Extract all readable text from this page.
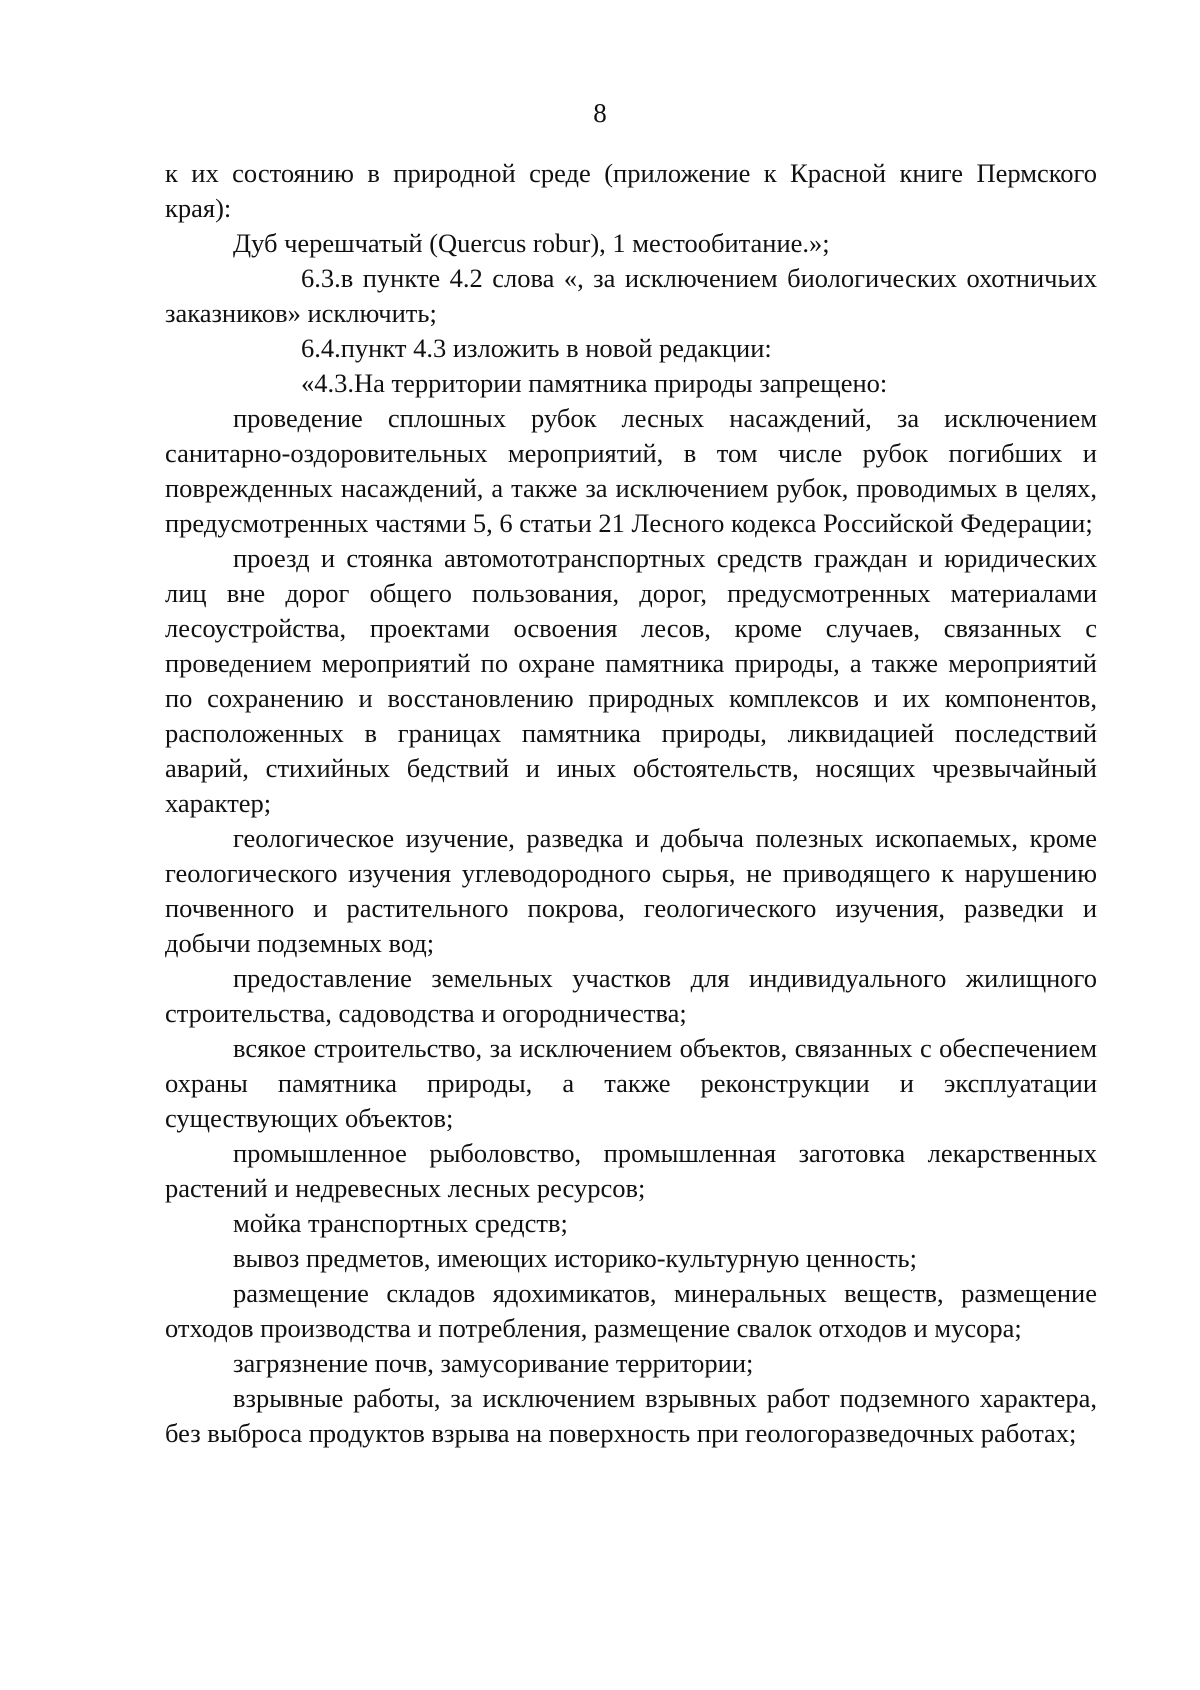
8

к их состоянию в природной среде (приложение к Красной книге Пермского края):

Дуб черешчатый (Quercus robur), 1 местообитание.»;

6.3.в пункте 4.2 слова «, за исключением биологических охотничьих заказников» исключить;

6.4.пункт 4.3 изложить в новой редакции:

«4.3.На территории памятника природы запрещено:

проведение сплошных рубок лесных насаждений, за исключением санитарно-оздоровительных мероприятий, в том числе рубок погибших и поврежденных насаждений, а также за исключением рубок, проводимых в целях, предусмотренных частями 5, 6 статьи 21 Лесного кодекса Российской Федерации;

проезд и стоянка автомототранспортных средств граждан и юридических лиц вне дорог общего пользования, дорог, предусмотренных материалами лесоустройства, проектами освоения лесов, кроме случаев, связанных с проведением мероприятий по охране памятника природы, а также мероприятий по сохранению и восстановлению природных комплексов и их компонентов, расположенных в границах памятника природы, ликвидацией последствий аварий, стихийных бедствий и иных обстоятельств, носящих чрезвычайный характер;

геологическое изучение, разведка и добыча полезных ископаемых, кроме геологического изучения углеводородного сырья, не приводящего к нарушению почвенного и растительного покрова, геологического изучения, разведки и добычи подземных вод;

предоставление земельных участков для индивидуального жилищного строительства, садоводства и огородничества;

всякое строительство, за исключением объектов, связанных с обеспечением охраны памятника природы, а также реконструкции и эксплуатации существующих объектов;

промышленное рыболовство, промышленная заготовка лекарственных растений и недревесных лесных ресурсов;

мойка транспортных средств;

вывоз предметов, имеющих историко-культурную ценность;

размещение складов ядохимикатов, минеральных веществ, размещение отходов производства и потребления, размещение свалок отходов и мусора;

загрязнение почв, замусоривание территории;

взрывные работы, за исключением взрывных работ подземного характера, без выброса продуктов взрыва на поверхность при геологоразведочных работах;
